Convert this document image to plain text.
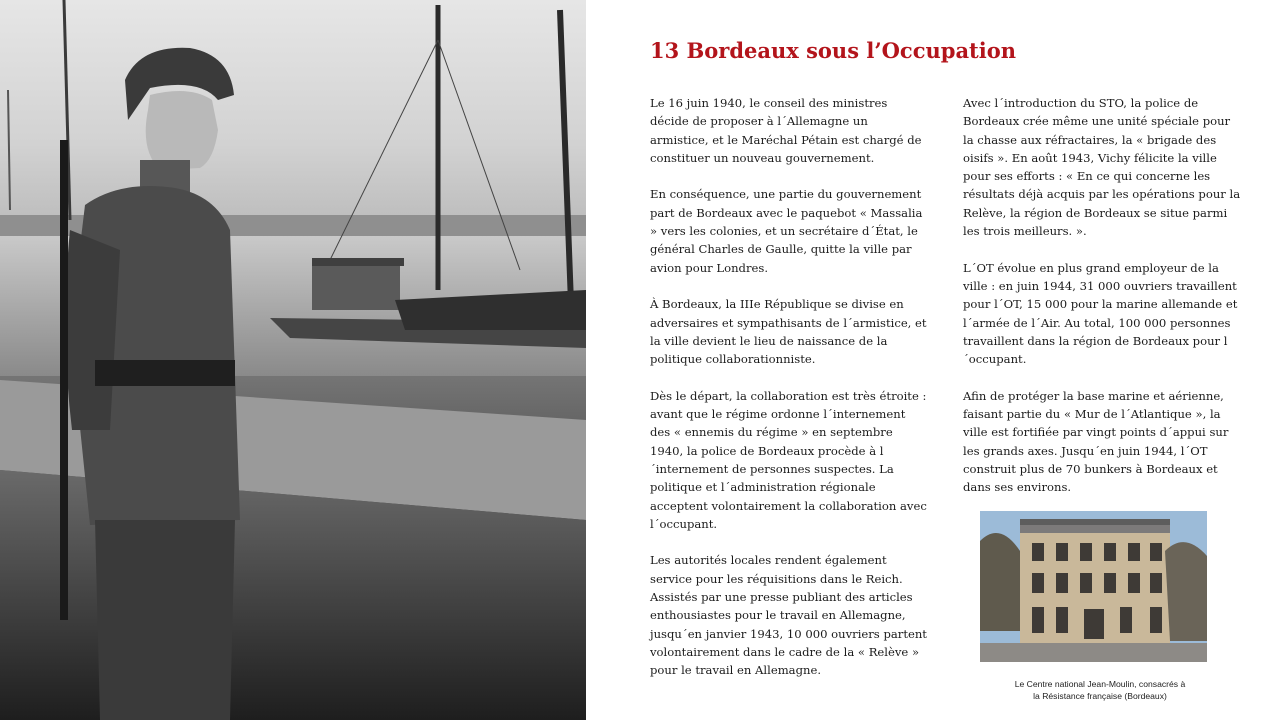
13 Bordeaux sous l’Occupation

Le 16 juin 1940, le conseil des ministres décide de proposer à l´Allemagne un armistice, et le Maréchal Pétain est chargé de constituer un nouveau gouvernement.

En conséquence, une partie du gouvernement part de Bordeaux avec le paquebot « Massalia » vers les colonies, et un secrétaire d´État, le général Charles de Gaulle, quitte la ville par avion pour Londres.

À Bordeaux, la IIIe République se divise en adversaires et sympathisants de l´armistice, et la ville devient le lieu de naissance de la politique collaborationniste.

Dès le départ, la collaboration est très étroite : avant que le régime ordonne l´internement des « ennemis du régime » en septembre 1940, la police de Bordeaux procède à l´internement de personnes suspectes. La politique et l´administration régionale acceptent volontairement la collaboration avec l´occupant.

Les autorités locales rendent également service pour les réquisitions dans le Reich. Assistés par une presse publiant des articles enthousiastes pour le travail en Allemagne, jusqu´en janvier 1943, 10 000 ouvriers partent volontairement dans le cadre de la « Relève » pour le travail en Allemagne.

Avec l´introduction du STO, la police de Bordeaux crée même une unité spéciale pour la chasse aux réfractaires, la « brigade des oisifs ». En août 1943, Vichy félicite la ville pour ses efforts : « En ce qui concerne les résultats déjà acquis par les opérations pour la Relève, la région de Bordeaux se situe parmi les trois meilleurs. ».

L´OT évolue en plus grand employeur de la ville : en juin 1944, 31 000 ouvriers travaillent pour l´OT, 15 000 pour la marine allemande et l´armée de l´Air. Au total, 100 000 personnes travaillent dans la région de Bordeaux pour l´occupant.

Afin de protéger la base marine et aérienne, faisant partie du « Mur de l´Atlantique », la ville est fortifiée par vingt points d´appui sur les grands axes. Jusqu´en juin 1944, l´OT construit plus de 70 bunkers à Bordeaux et dans ses environs.

Le Centre national Jean-Moulin, consacrés à
la Résistance française (Bordeaux)
